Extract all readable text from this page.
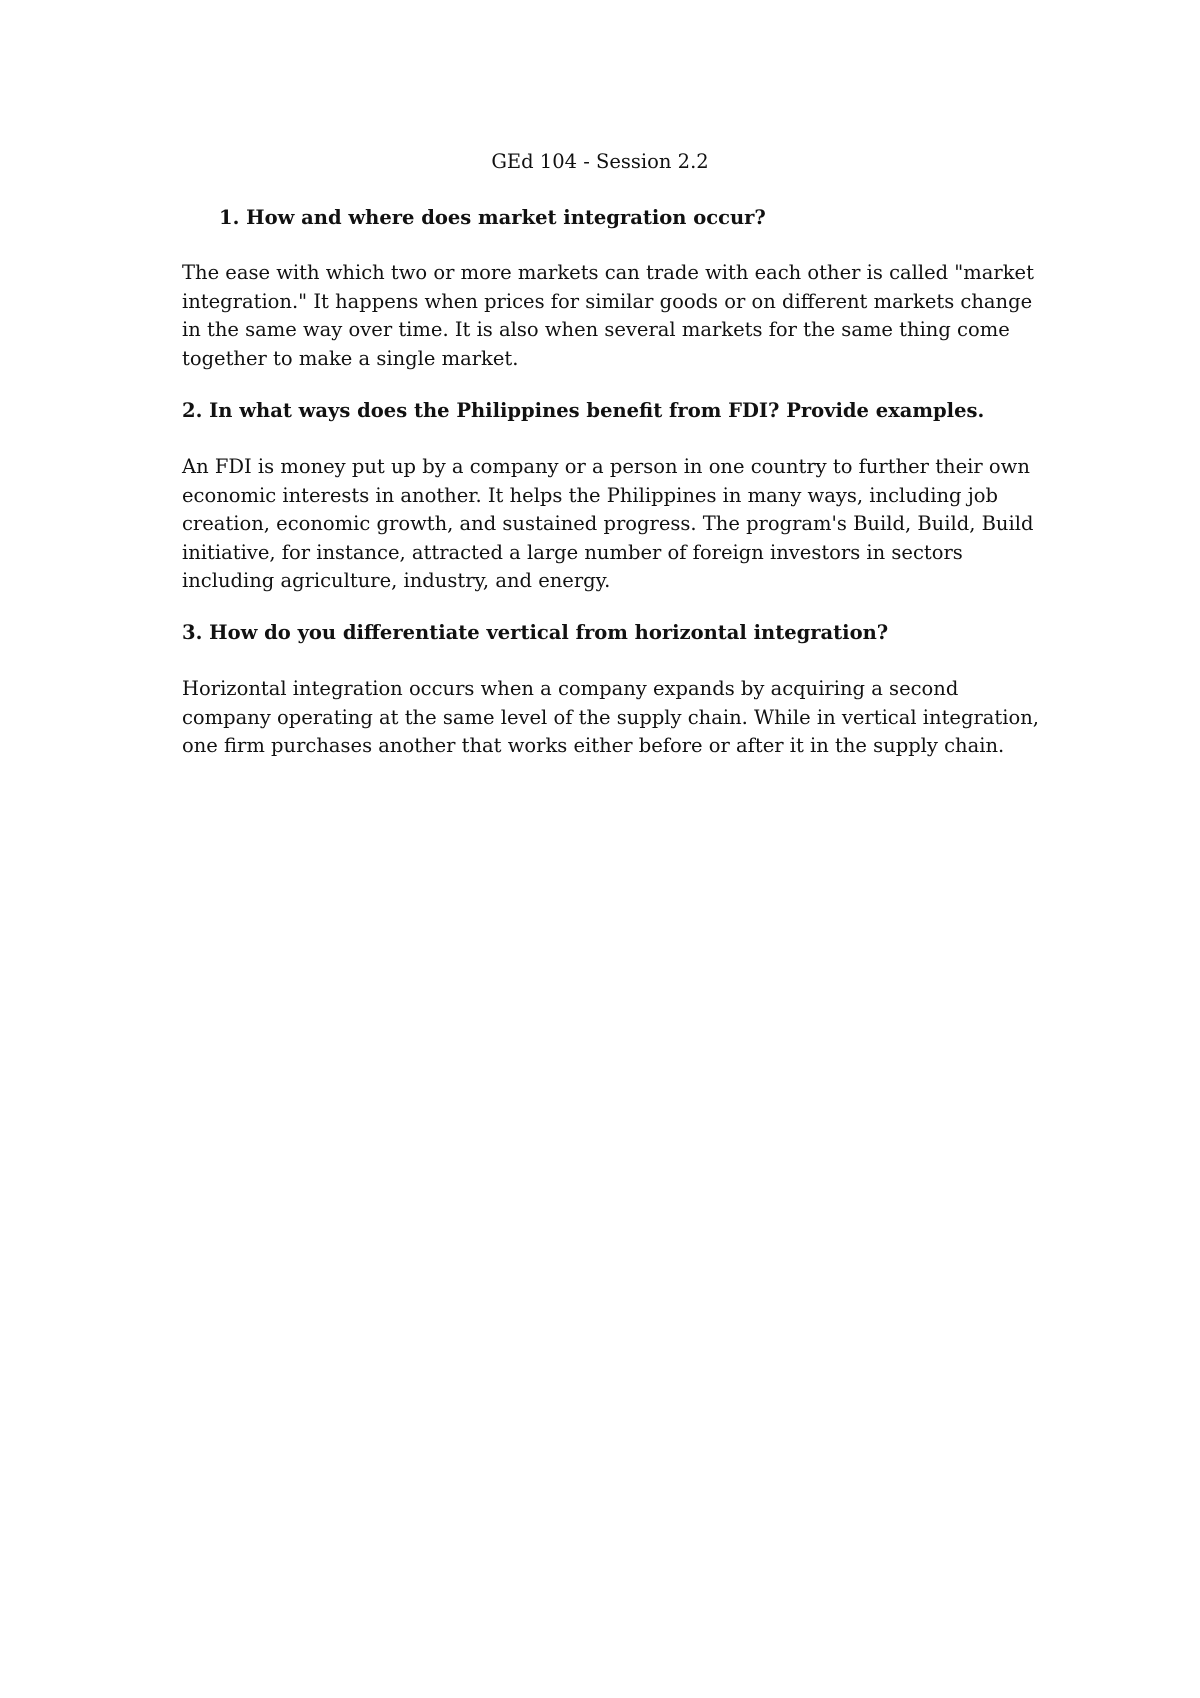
GEd 104 - Session 2.2

1. How and where does market integration occur?

The ease with which two or more markets can trade with each other is called "market
integration." It happens when prices for similar goods or on different markets change
in the same way over time. It is also when several markets for the same thing come
together to make a single market.

2. In what ways does the Philippines benefit from FDI? Provide examples.

An FDI is money put up by a company or a person in one country to further their own
economic interests in another. It helps the Philippines in many ways, including job
creation, economic growth, and sustained progress. The program's Build, Build, Build
initiative, for instance, attracted a large number of foreign investors in sectors
including agriculture, industry, and energy.

3. How do you differentiate vertical from horizontal integration?

Horizontal integration occurs when a company expands by acquiring a second
company operating at the same level of the supply chain. While in vertical integration,
one firm purchases another that works either before or after it in the supply chain.
